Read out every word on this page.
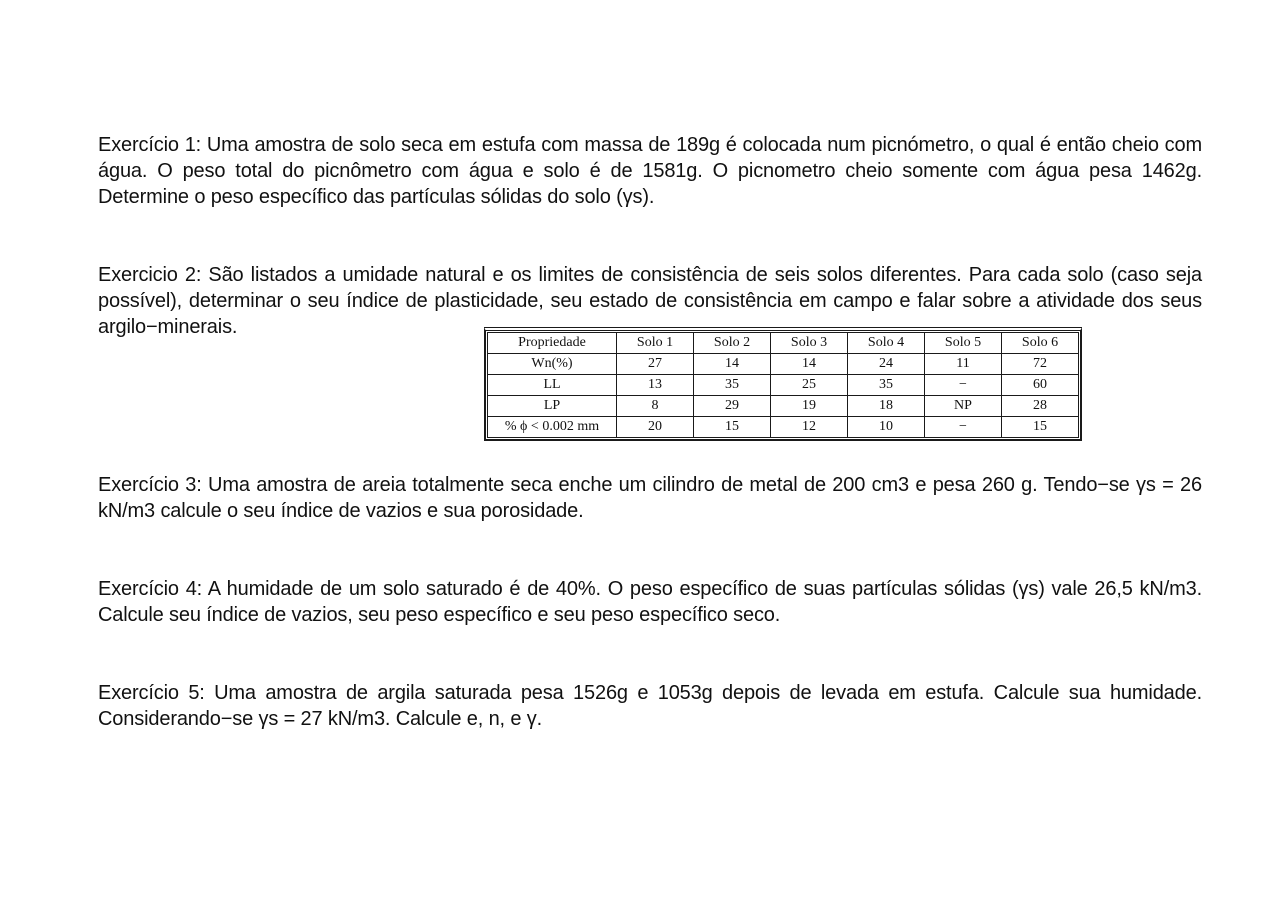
Exercício 1: Uma amostra de solo seca em estufa com massa de 189g é colocada num picnómetro, o qual é então cheio com água. O peso total do picnômetro com água e solo é de 1581g. O picnometro cheio somente com água pesa 1462g. Determine o peso específico das partículas sólidas do solo (γs).

Exercicio 2: São listados a umidade natural e os limites de consistência de seis solos diferentes. Para cada solo (caso seja possível), determinar o seu índice de plasticidade, seu estado de consistência em campo e falar sobre a atividade dos seus argilo−minerais.

Propriedade	Solo 1	Solo 2	Solo 3	Solo 4	Solo 5	Solo 6
Wn(%)	27	14	14	24	11	72
LL	13	35	25	35	−	60
LP	8	29	19	18	NP	28
% ϕ < 0.002 mm	20	15	12	10	−	15

Exercício 3: Uma amostra de areia totalmente seca enche um cilindro de metal de 200 cm3 e pesa 260 g. Tendo−se γs = 26 kN/m3 calcule o seu índice de vazios e sua porosidade.

Exercício 4: A humidade de um solo saturado é de 40%. O peso específico de suas partículas sólidas (γs) vale 26,5 kN/m3. Calcule seu índice de vazios, seu peso específico e seu peso específico seco.

Exercício 5: Uma amostra de argila saturada pesa 1526g e 1053g depois de levada em estufa. Calcule sua humidade. Considerando−se γs = 27 kN/m3. Calcule e, n, e γ.
